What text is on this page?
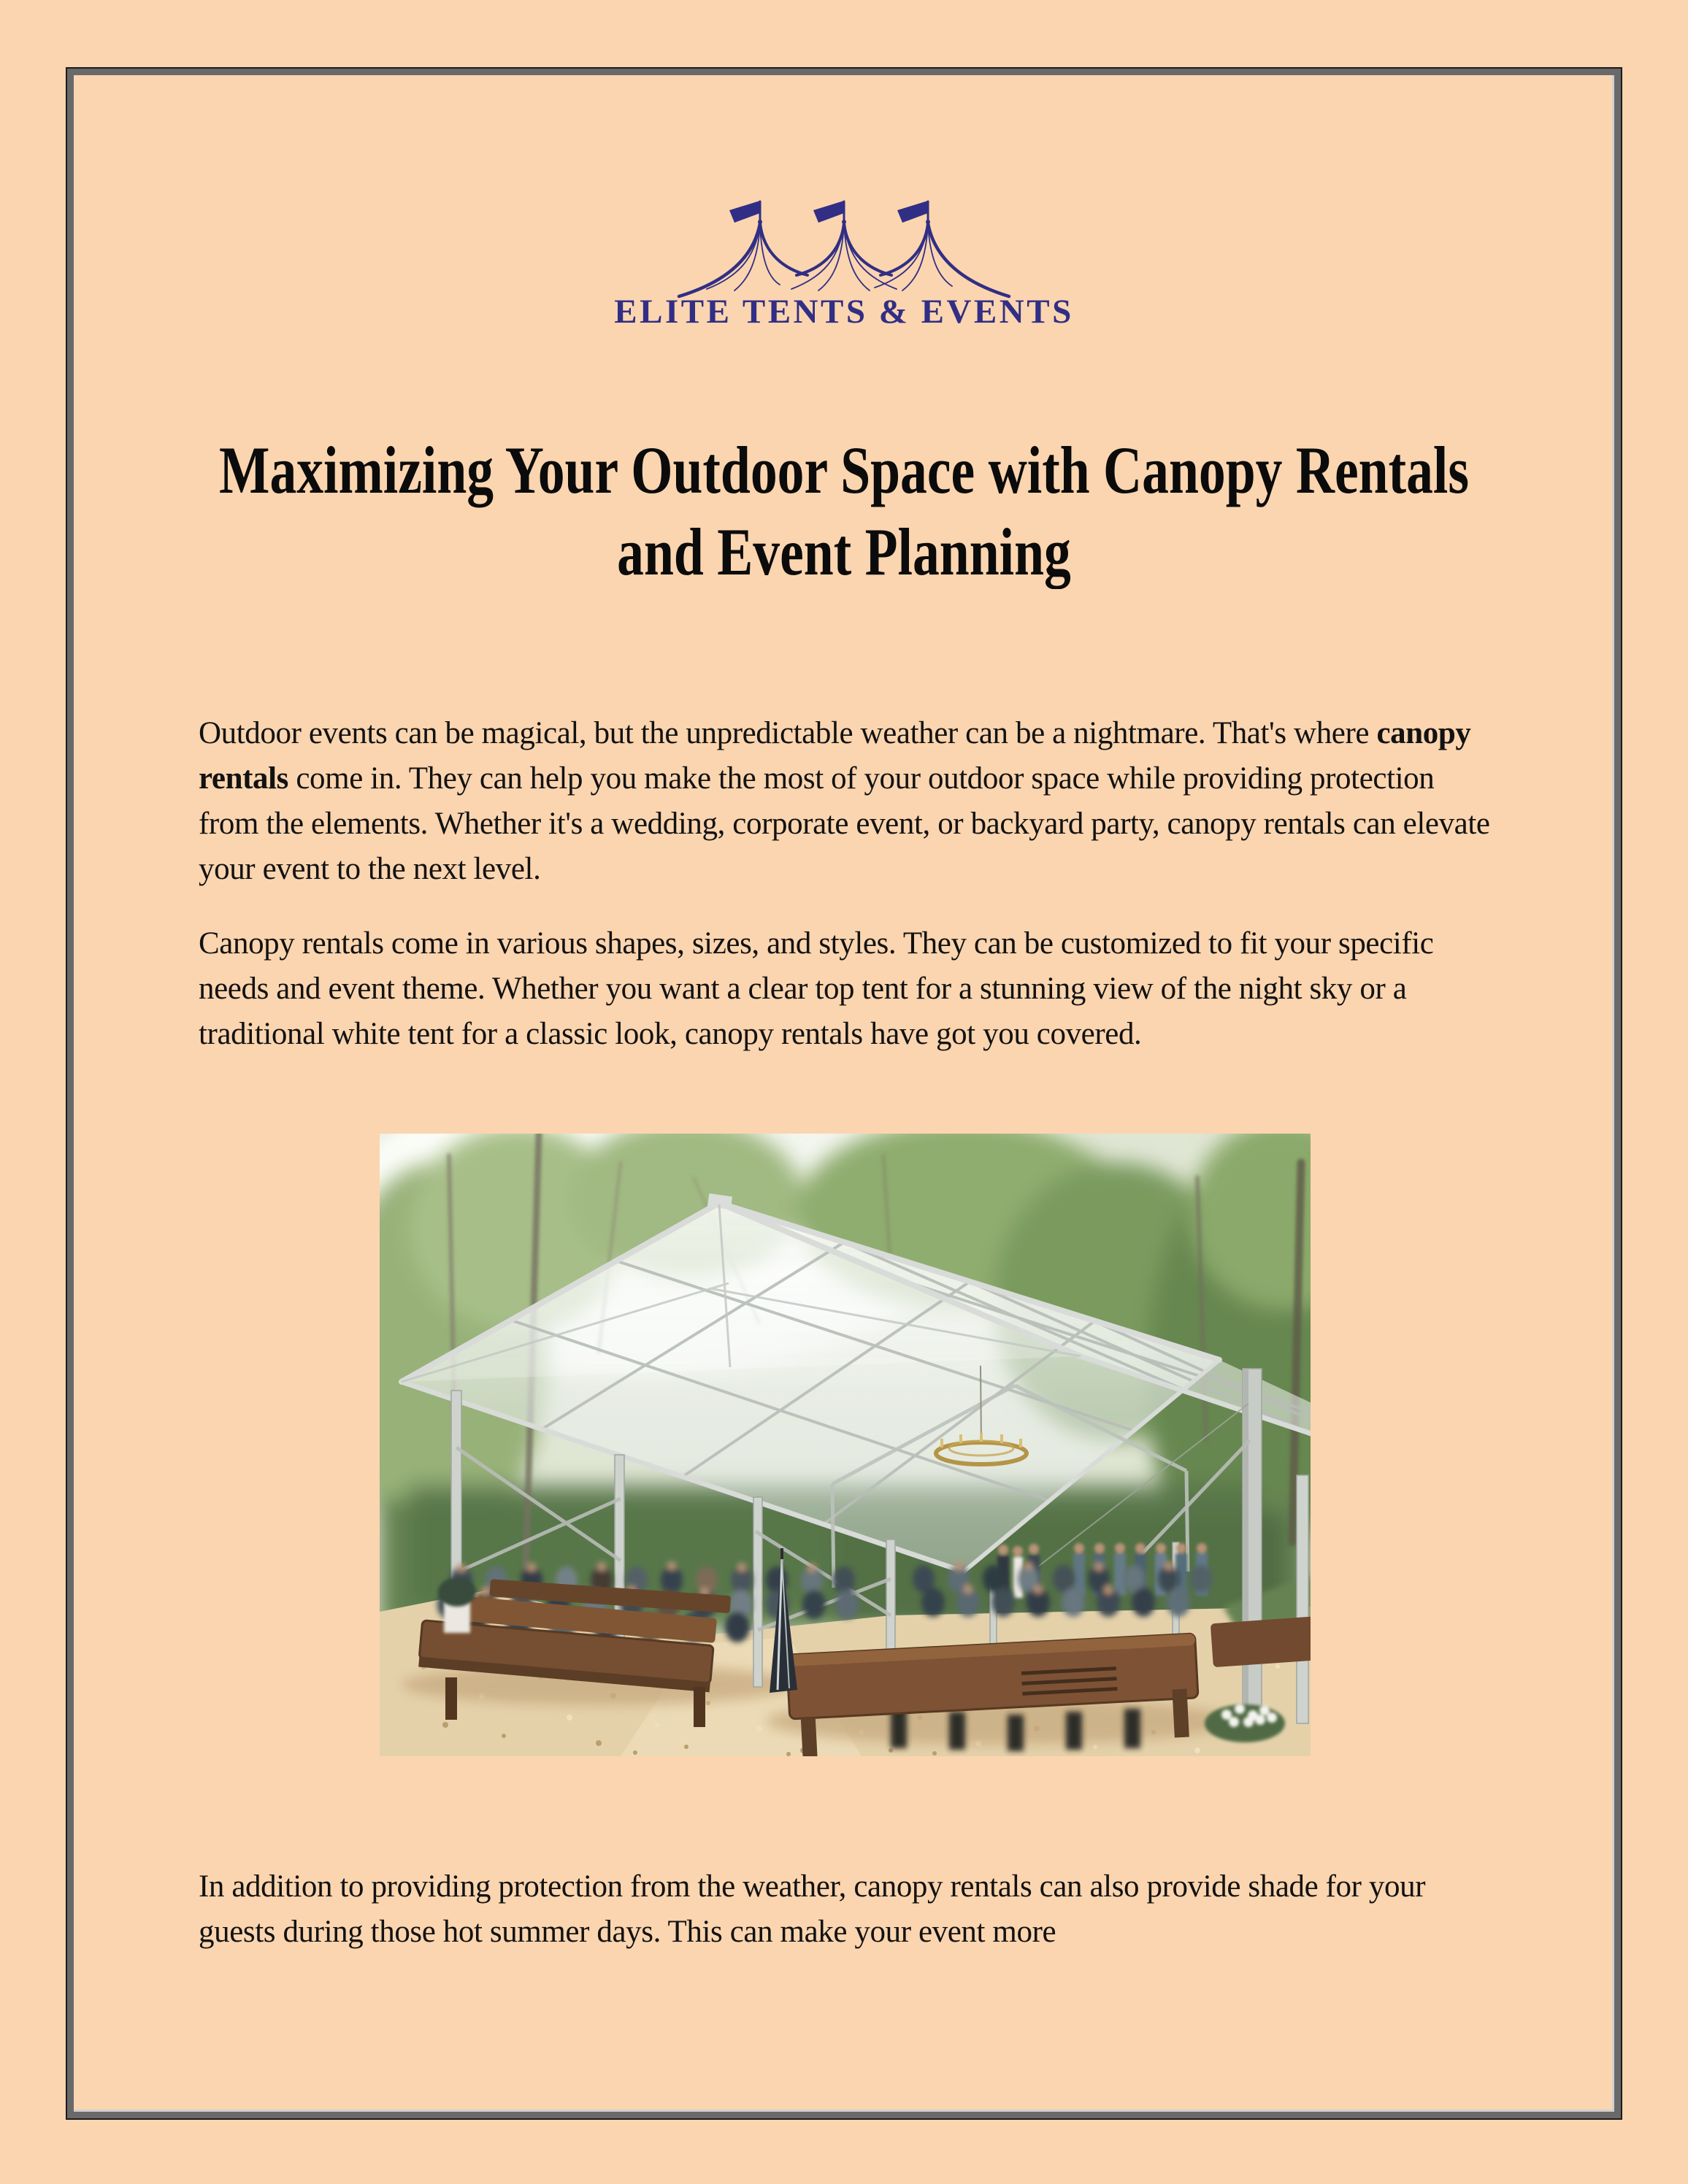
ELITE TENTS & EVENTS
Maximizing Your Outdoor Space with Canopy Rentals
and Event Planning

Outdoor events can be magical, but the unpredictable weather can be a nightmare. That's where canopy rentals come in. They can help you make the most of your outdoor space while providing protection from the elements. Whether it's a wedding, corporate event, or backyard party, canopy rentals can elevate your event to the next level.

Canopy rentals come in various shapes, sizes, and styles. They can be customized to fit your specific needs and event theme. Whether you want a clear top tent for a stunning view of the night sky or a traditional white tent for a classic look, canopy rentals have got you covered.

In addition to providing protection from the weather, canopy rentals can also provide shade for your guests during those hot summer days. This can make your event more
